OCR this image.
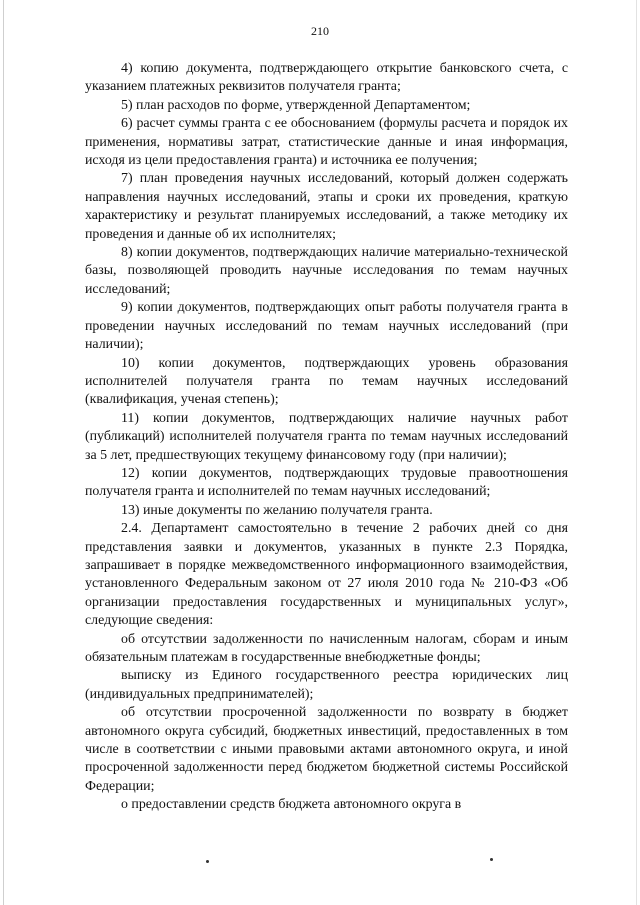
210

4) копию документа, подтверждающего открытие банковского счета, с указанием платежных реквизитов получателя гранта;

5) план расходов по форме, утвержденной Департаментом;

6) расчет суммы гранта с ее обоснованием (формулы расчета и порядок их применения, нормативы затрат, статистические данные и иная информация, исходя из цели предоставления гранта) и источника ее получения;

7) план проведения научных исследований, который должен содержать направления научных исследований, этапы и сроки их проведения, краткую характеристику и результат планируемых исследований, а также методику их проведения и данные об их исполнителях;

8) копии документов, подтверждающих наличие материально-технической базы, позволяющей проводить научные исследования по темам научных исследований;

9) копии документов, подтверждающих опыт работы получателя гранта в проведении научных исследований по темам научных исследований (при наличии);

10) копии документов, подтверждающих уровень образования исполнителей получателя гранта по темам научных исследований (квалификация, ученая степень);

11) копии документов, подтверждающих наличие научных работ (публикаций) исполнителей получателя гранта по темам научных исследований за 5 лет, предшествующих текущему финансовому году (при наличии);

12) копии документов, подтверждающих трудовые правоотношения получателя гранта и исполнителей по темам научных исследований;

13) иные документы по желанию получателя гранта.

2.4. Департамент самостоятельно в течение 2 рабочих дней со дня представления заявки и документов, указанных в пункте 2.3 Порядка, запрашивает в порядке межведомственного информационного взаимодействия, установленного Федеральным законом от 27 июля 2010 года № 210-ФЗ «Об организации предоставления государственных и муниципальных услуг», следующие сведения:

об отсутствии задолженности по начисленным налогам, сборам и иным обязательным платежам в государственные внебюджетные фонды;

выписку из Единого государственного реестра юридических лиц (индивидуальных предпринимателей);

об отсутствии просроченной задолженности по возврату в бюджет автономного округа субсидий, бюджетных инвестиций, предоставленных в том числе в соответствии с иными правовыми актами автономного округа, и иной просроченной задолженности перед бюджетом бюджетной системы Российской Федерации;

о предоставлении средств бюджета автономного округа в
